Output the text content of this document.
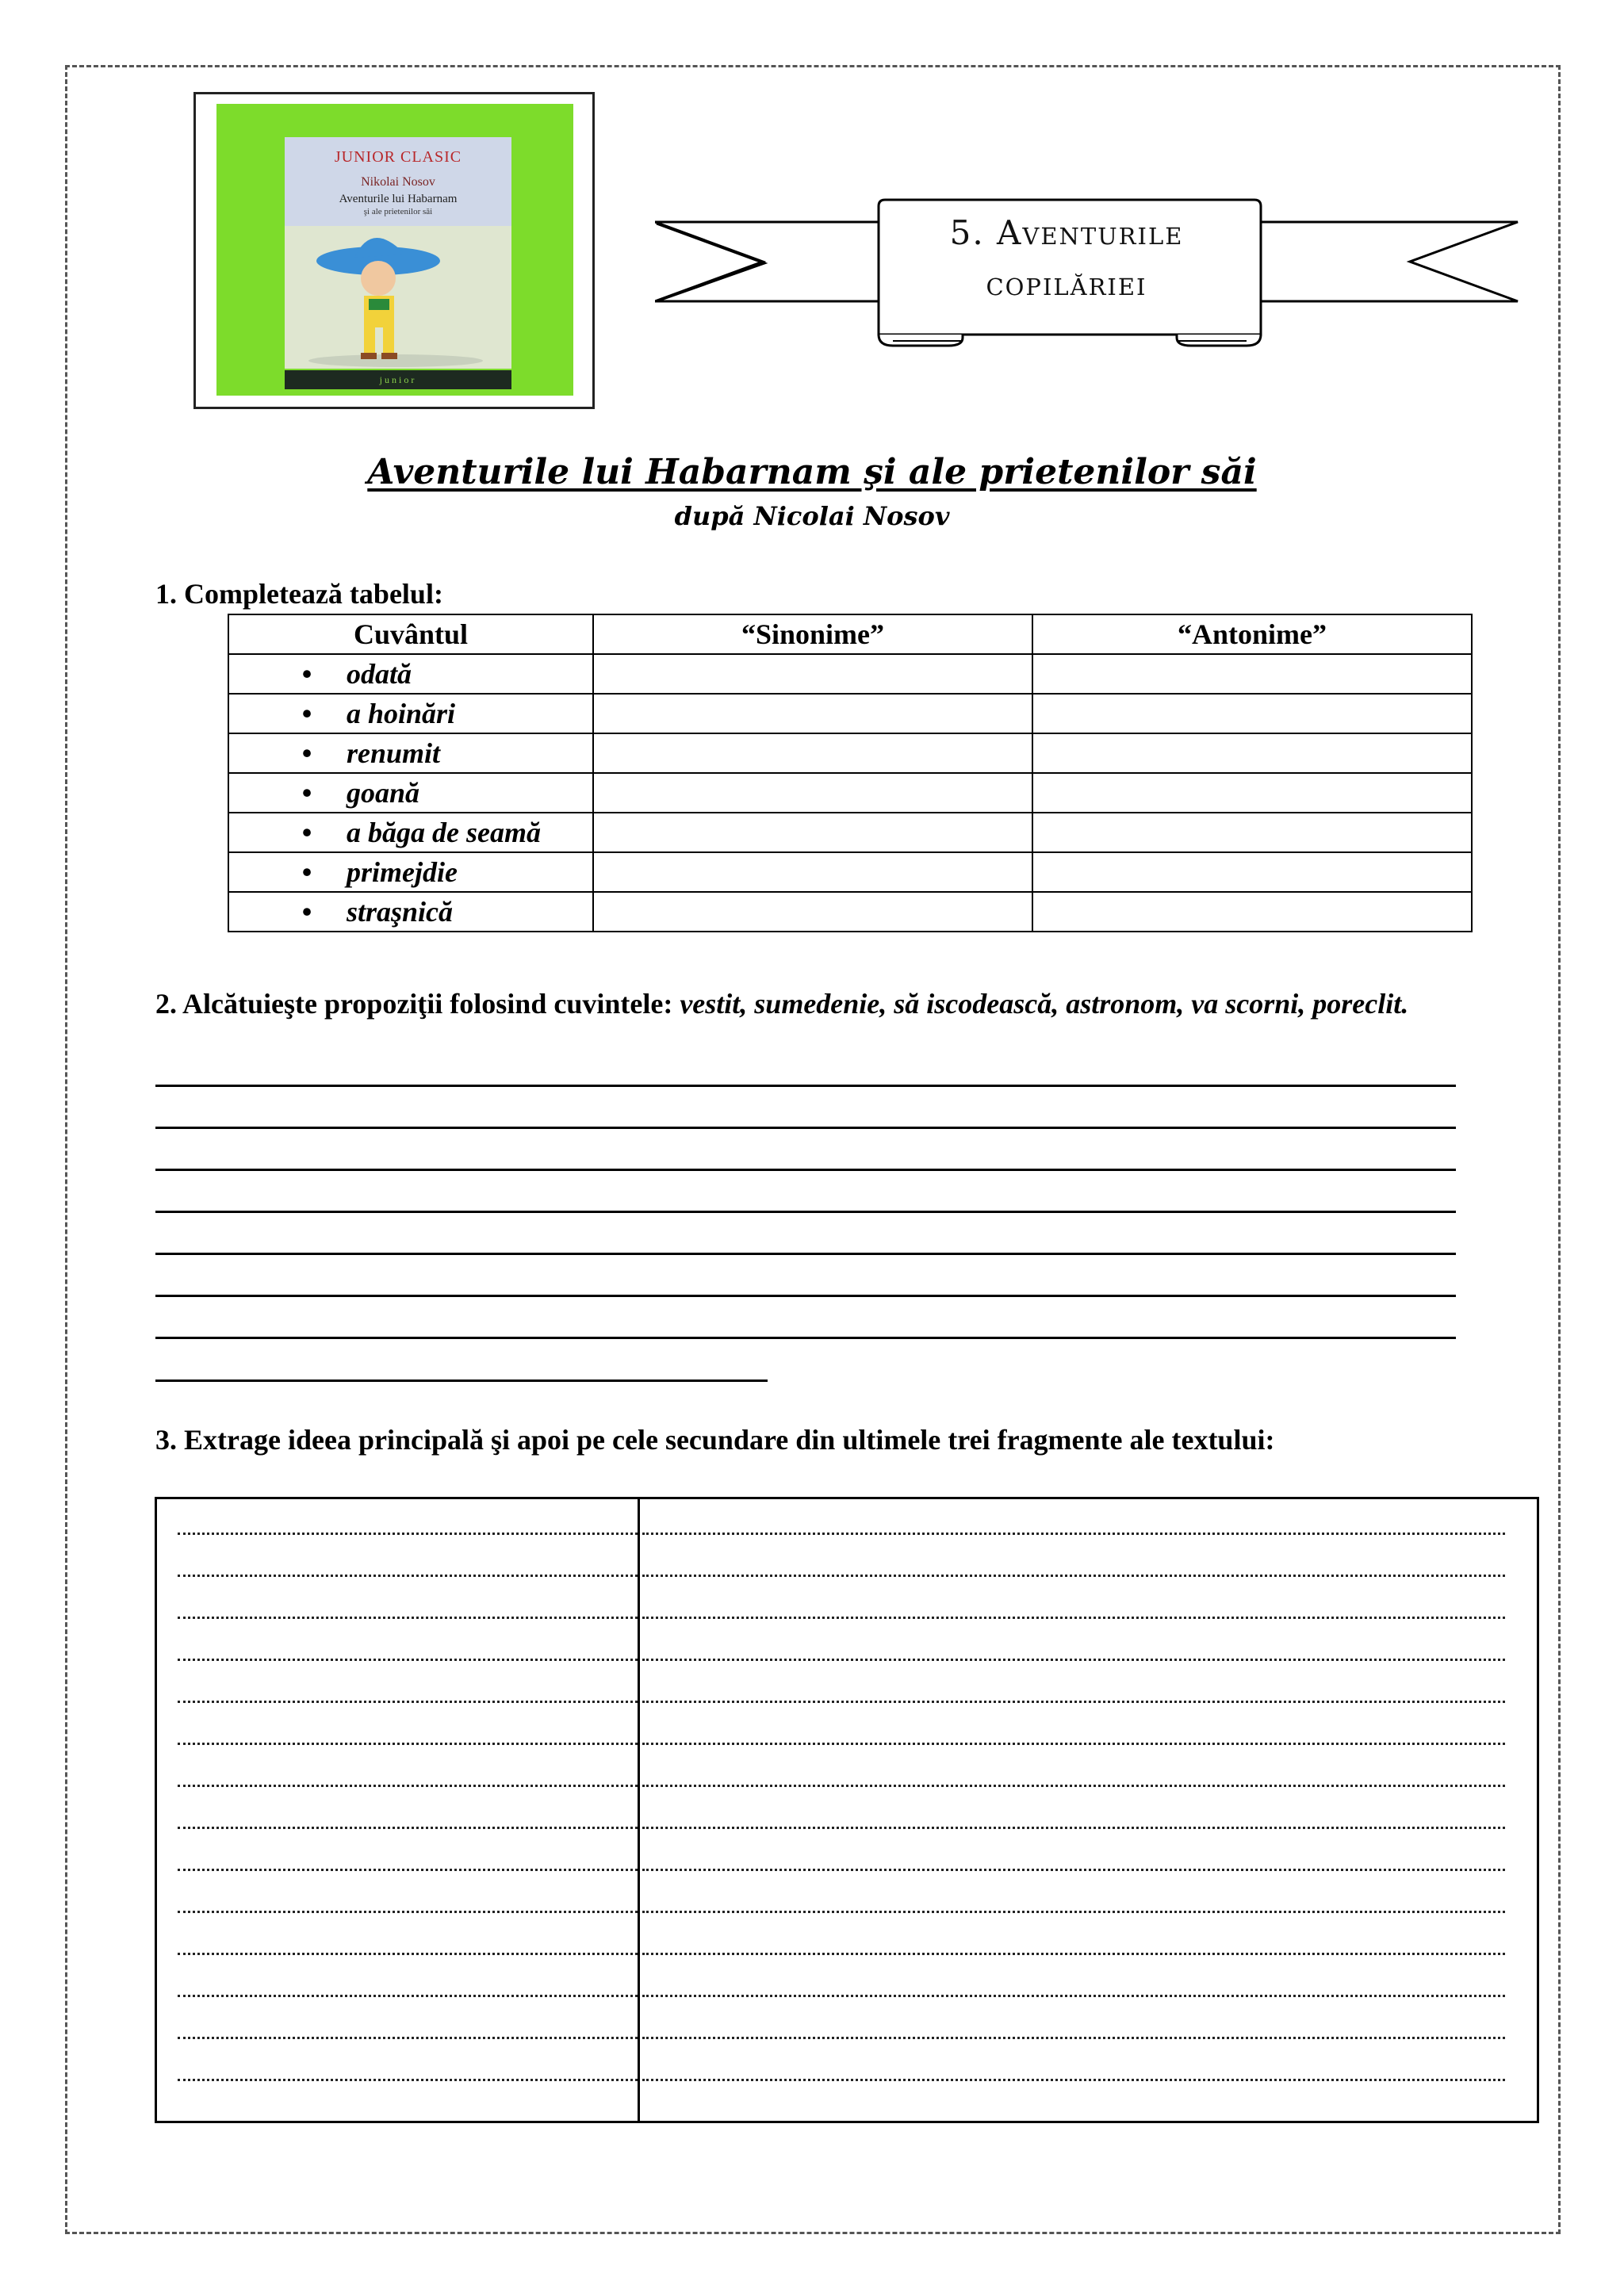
JUNIOR CLASIC
Nikolai Nosov
Aventurile lui Habarnam
şi ale prietenilor săi
junior
5. Aventurile
copilăriei
Aventurile lui Habarnam şi ale prietenilor săi
după Nicolai Nosov
1. Completează tabelul:
Cuvântul	“Sinonime”	“Antonime”
• odată		
• a hoinări		
• renumit		
• goană		
• a băga de seamă		
• primejdie		
• straşnică		
2. Alcătuieşte propoziţii folosind cuvintele: vestit, sumedenie, să iscodească, astronom, va scorni, poreclit.
3. Extrage ideea principală şi apoi pe cele secundare din ultimele trei fragmente ale textului:
